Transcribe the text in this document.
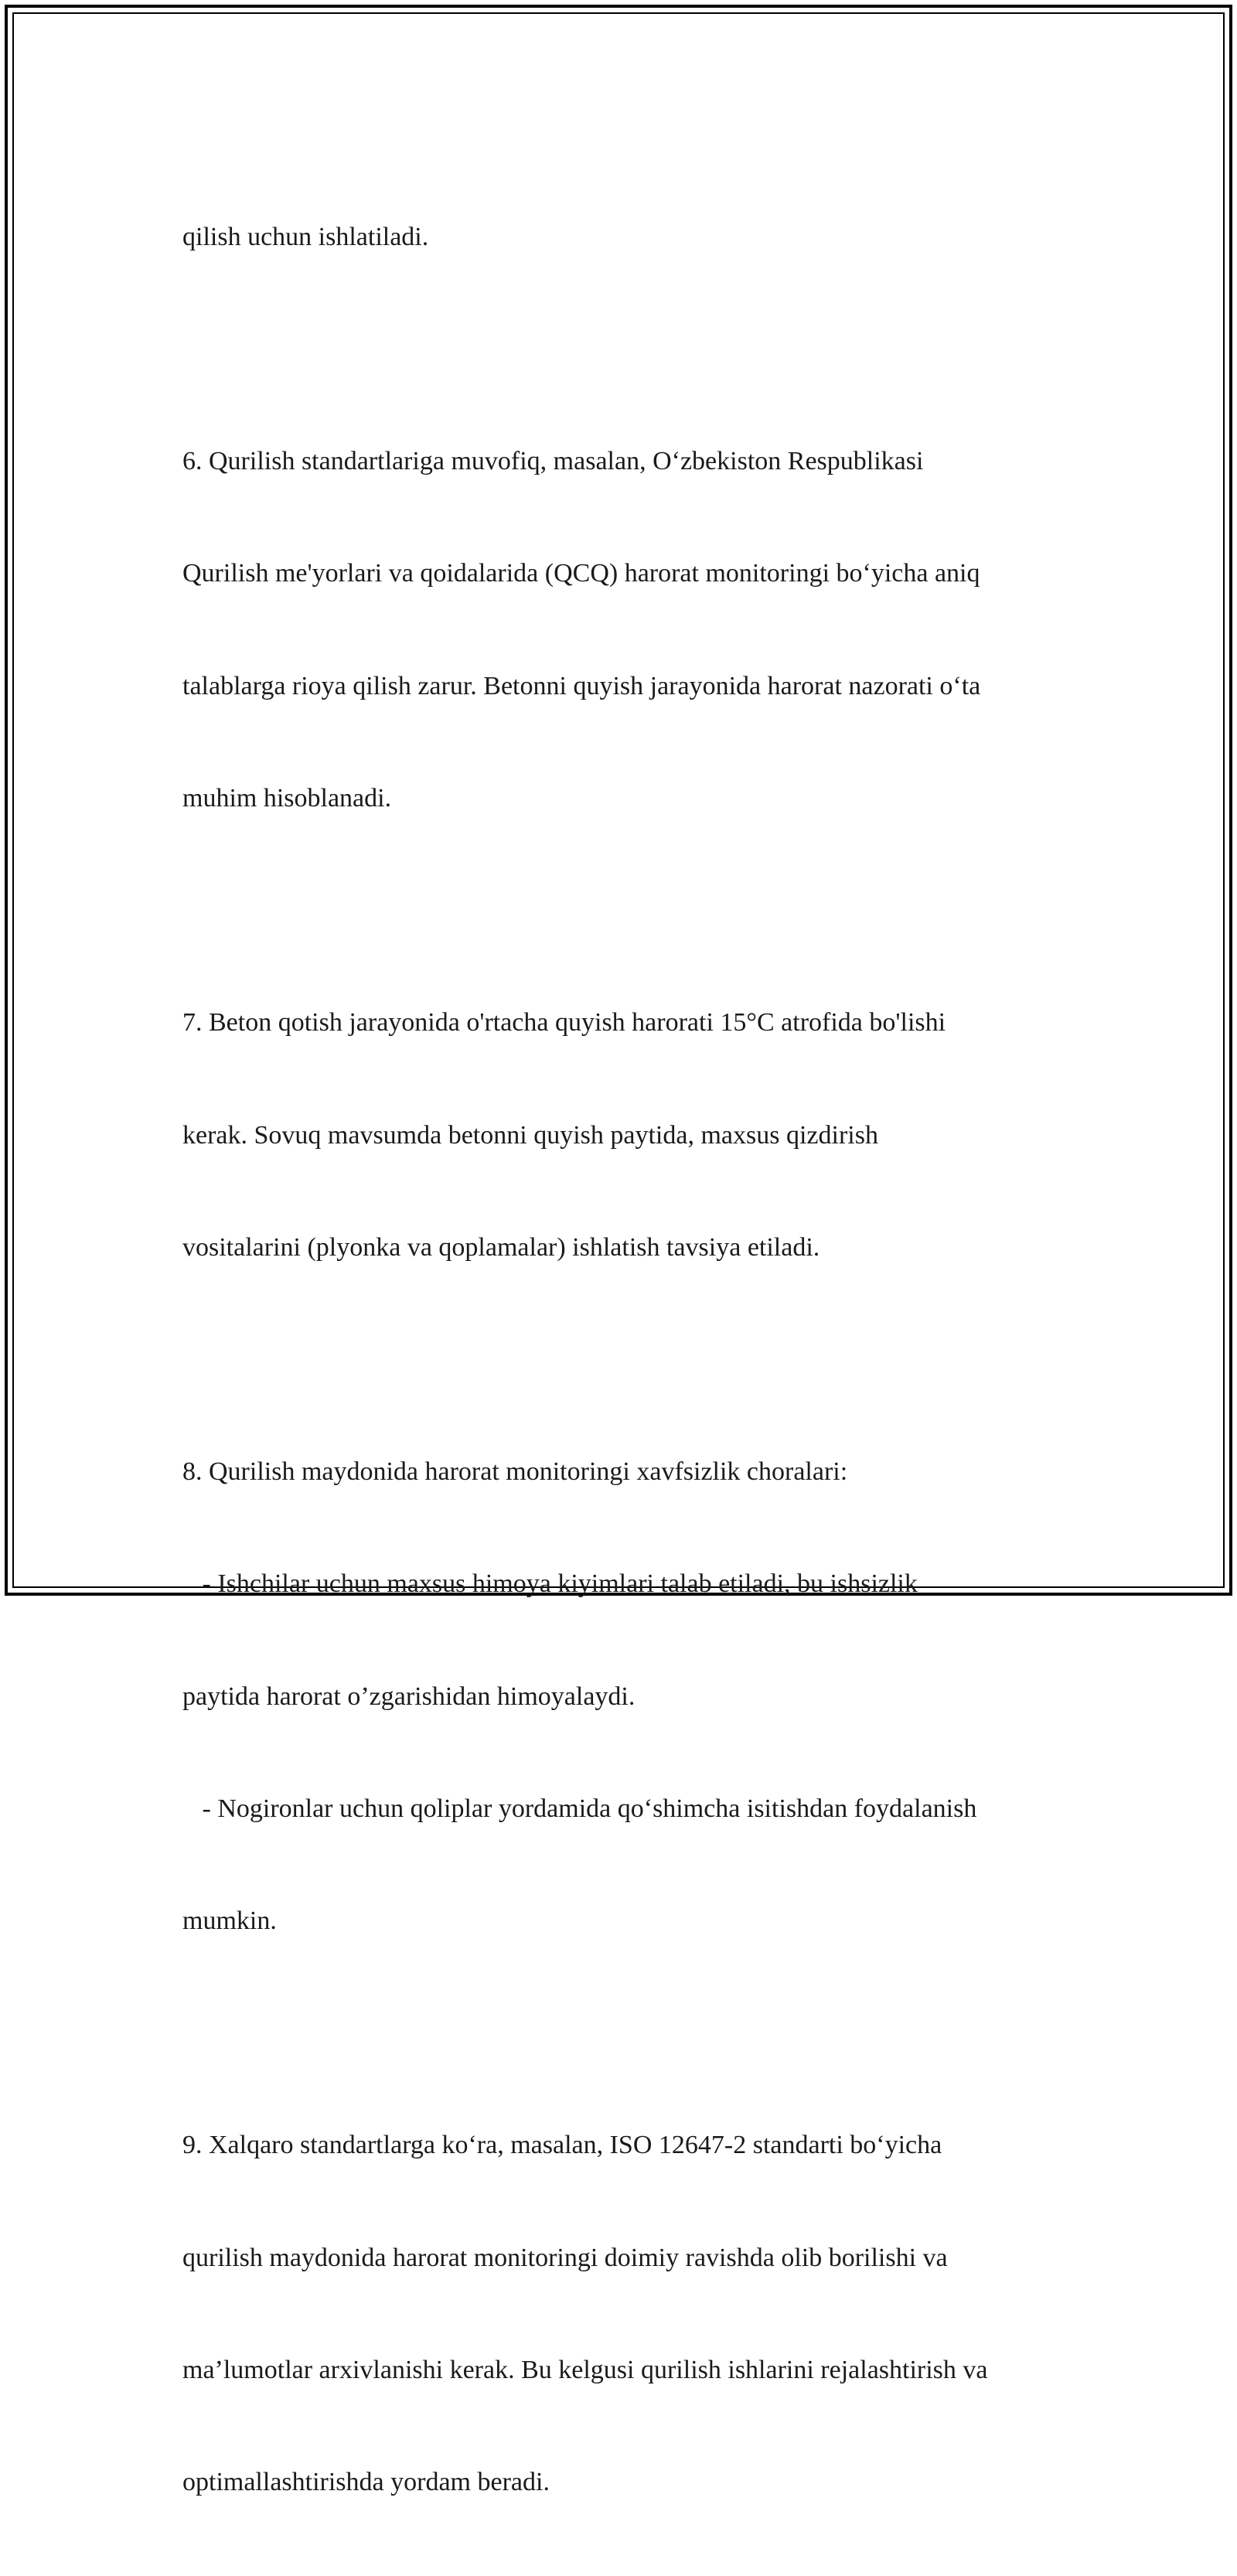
qilish uchun ishlatiladi.

6. Qurilish standartlariga muvofiq, masalan, O‘zbekiston Respublikasi

Qurilish me'yorlari va qoidalarida (QCQ) harorat monitoringi bo‘yicha aniq

talablarga rioya qilish zarur. Betonni quyish jarayonida harorat nazorati o‘ta

muhim hisoblanadi.

7. Beton qotish jarayonida o'rtacha quyish harorati 15°C atrofida bo'lishi

kerak. Sovuq mavsumda betonni quyish paytida, maxsus qizdirish

vositalarini (plyonka va qoplamalar) ishlatish tavsiya etiladi.

8. Qurilish maydonida harorat monitoringi xavfsizlik choralari:

- Ishchilar uchun maxsus himoya kiyimlari talab etiladi, bu ishsizlik

paytida harorat o’zgarishidan himoyalaydi.

- Nogironlar uchun qoliplar yordamida qo‘shimcha isitishdan foydalanish

mumkin.

9. Xalqaro standartlarga ko‘ra, masalan, ISO 12647-2 standarti bo‘yicha

qurilish maydonida harorat monitoringi doimiy ravishda olib borilishi va

ma’lumotlar arxivlanishi kerak. Bu kelgusi qurilish ishlarini rejalashtirish va

optimallashtirishda yordam beradi.
